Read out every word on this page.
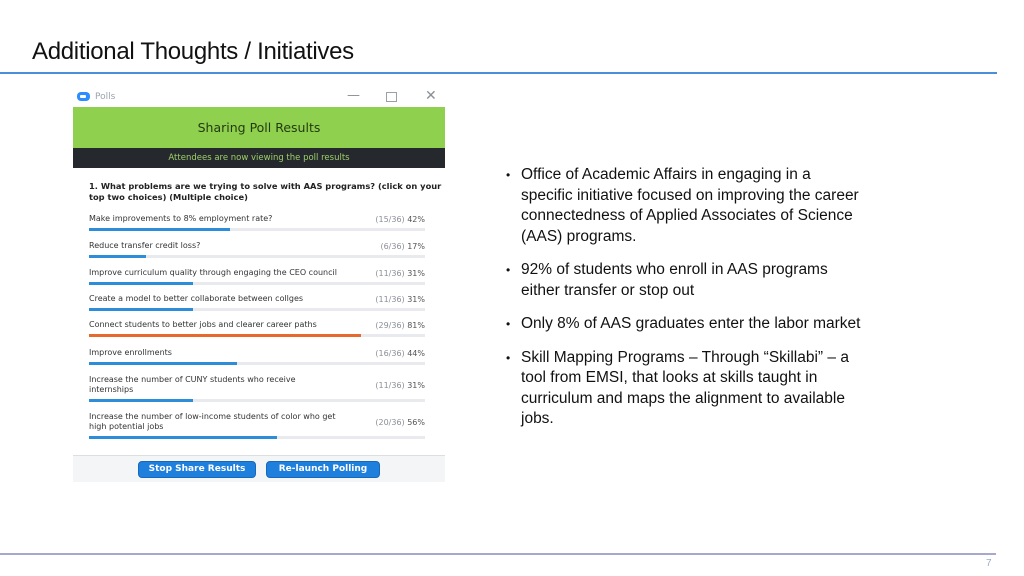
Additional Thoughts / Initiatives
Polls	—	✕
Sharing Poll Results
Attendees are now viewing the poll results
1. What problems are we trying to solve with AAS programs? (click on your top two choices) (Multiple choice)
Make improvements to 8% employment rate?	(15/36) 42%
Reduce transfer credit loss?	(6/36) 17%
Improve curriculum quality through engaging the CEO council	(11/36) 31%
Create a model to better collaborate between collges	(11/36) 31%
Connect students to better jobs and clearer career paths	(29/36) 81%
Improve enrollments	(16/36) 44%
Increase the number of CUNY students who receive internships	(11/36) 31%
Increase the number of low-income students of color who get high potential jobs	(20/36) 56%
Stop Share Results	Re-launch Polling
• Office of Academic Affairs in engaging in a specific initiative focused on improving the career connectedness of Applied Associates of Science (AAS) programs.
• 92% of students who enroll in AAS programs either transfer or stop out
• Only 8% of AAS graduates enter the labor market
• Skill Mapping Programs – Through “Skillabi” – a tool from EMSI, that looks at skills taught in curriculum and maps the alignment to available jobs.
7
